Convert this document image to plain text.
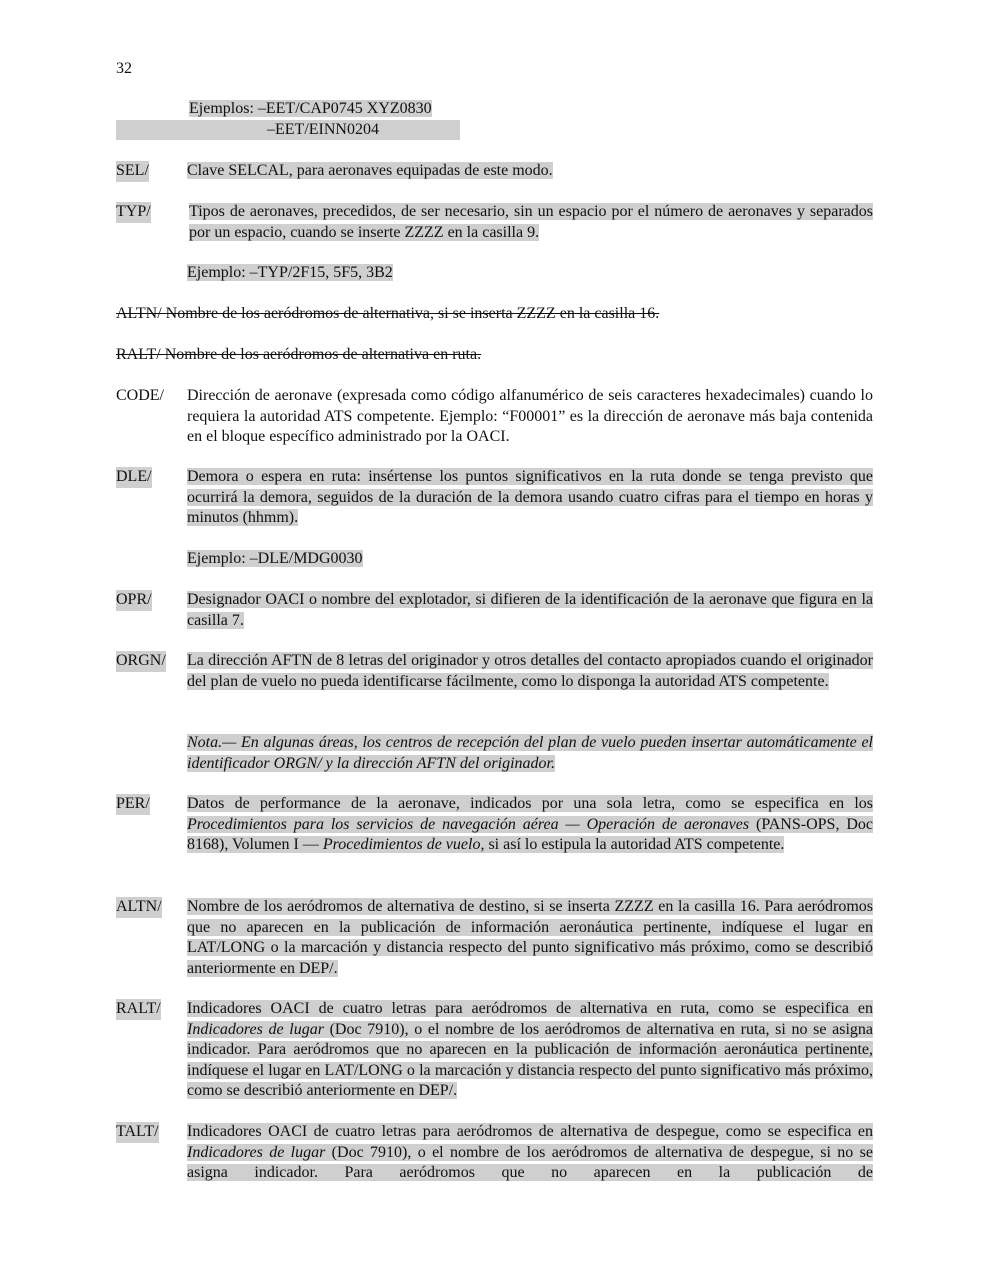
32
Ejemplos: –EET/CAP0745 XYZ0830
–EET/EINN0204
SEL/ Clave SELCAL, para aeronaves equipadas de este modo.
TYP/ Tipos de aeronaves, precedidos, de ser necesario, sin un espacio por el número de aeronaves y separados por un espacio, cuando se inserte ZZZZ en la casilla 9.
Ejemplo: –TYP/2F15, 5F5, 3B2
ALTN/ Nombre de los aeródromos de alternativa, si se inserta ZZZZ en la casilla 16.
RALT/ Nombre de los aeródromos de alternativa en ruta.
CODE/ Dirección de aeronave (expresada como código alfanumérico de seis caracteres hexadecimales) cuando lo requiera la autoridad ATS competente. Ejemplo: “F00001” es la dirección de aeronave más baja contenida en el bloque específico administrado por la OACI.
DLE/ Demora o espera en ruta: insértense los puntos significativos en la ruta donde se tenga previsto que ocurrirá la demora, seguidos de la duración de la demora usando cuatro cifras para el tiempo en horas y minutos (hhmm).
Ejemplo: –DLE/MDG0030
OPR/ Designador OACI o nombre del explotador, si difieren de la identificación de la aeronave que figura en la casilla 7.
ORGN/ La dirección AFTN de 8 letras del originador y otros detalles del contacto apropiados cuando el originador del plan de vuelo no pueda identificarse fácilmente, como lo disponga la autoridad ATS competente.
Nota.— En algunas áreas, los centros de recepción del plan de vuelo pueden insertar automáticamente el identificador ORGN/ y la dirección AFTN del originador.
PER/ Datos de performance de la aeronave, indicados por una sola letra, como se especifica en los Procedimientos para los servicios de navegación aérea — Operación de aeronaves (PANS-OPS, Doc 8168), Volumen I — Procedimientos de vuelo, si así lo estipula la autoridad ATS competente.
ALTN/ Nombre de los aeródromos de alternativa de destino, si se inserta ZZZZ en la casilla 16. Para aeródromos que no aparecen en la publicación de información aeronáutica pertinente, indíquese el lugar en LAT/LONG o la marcación y distancia respecto del punto significativo más próximo, como se describió anteriormente en DEP/.
RALT/ Indicadores OACI de cuatro letras para aeródromos de alternativa en ruta, como se especifica en Indicadores de lugar (Doc 7910), o el nombre de los aeródromos de alternativa en ruta, si no se asigna indicador. Para aeródromos que no aparecen en la publicación de información aeronáutica pertinente, indíquese el lugar en LAT/LONG o la marcación y distancia respecto del punto significativo más próximo, como se describió anteriormente en DEP/.
TALT/ Indicadores OACI de cuatro letras para aeródromos de alternativa de despegue, como se especifica en Indicadores de lugar (Doc 7910), o el nombre de los aeródromos de alternativa de despegue, si no se asigna indicador. Para aeródromos que no aparecen en la publicación de
